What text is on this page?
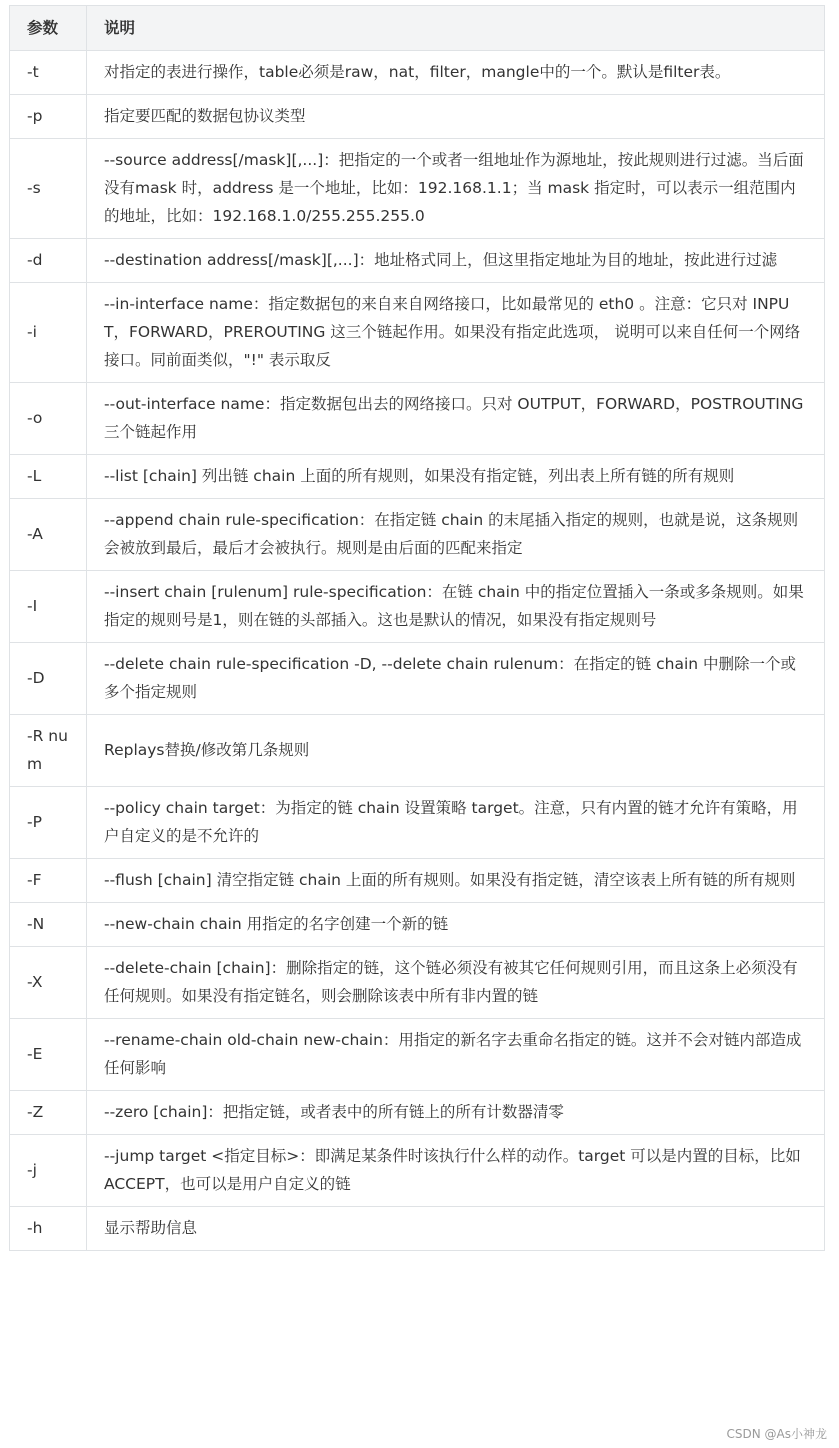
参数	说明
-t	对指定的表进行操作，table必须是raw，nat，filter，mangle中的一个。默认是filter表。
-p	指定要匹配的数据包协议类型
-s	--source address[/mask][,...]：把指定的一个或者一组地址作为源地址，按此规则进行过滤。当后面没有mask 时，address 是一个地址，比如：192.168.1.1；当 mask 指定时，可以表示一组范围内的地址，比如：192.168.1.0/255.255.255.0
-d	--destination address[/mask][,...]：地址格式同上，但这里指定地址为目的地址，按此进行过滤
-i	--in-interface name：指定数据包的来自来自网络接口，比如最常见的 eth0 。注意：它只对 INPUT，FORWARD，PREROUTING 这三个链起作用。如果没有指定此选项， 说明可以来自任何一个网络接口。同前面类似，"!" 表示取反
-o	--out-interface name：指定数据包出去的网络接口。只对 OUTPUT，FORWARD，POSTROUTING 三个链起作用
-L	--list [chain] 列出链 chain 上面的所有规则，如果没有指定链，列出表上所有链的所有规则
-A	--append chain rule-specification：在指定链 chain 的末尾插入指定的规则，也就是说，这条规则会被放到最后，最后才会被执行。规则是由后面的匹配来指定
-I	--insert chain [rulenum] rule-specification：在链 chain 中的指定位置插入一条或多条规则。如果指定的规则号是1，则在链的头部插入。这也是默认的情况，如果没有指定规则号
-D	--delete chain rule-specification -D, --delete chain rulenum：在指定的链 chain 中删除一个或多个指定规则
-R num	Replays替换/修改第几条规则
-P	--policy chain target：为指定的链 chain 设置策略 target。注意，只有内置的链才允许有策略，用户自定义的是不允许的
-F	--flush [chain] 清空指定链 chain 上面的所有规则。如果没有指定链，清空该表上所有链的所有规则
-N	--new-chain chain 用指定的名字创建一个新的链
-X	--delete-chain [chain]：删除指定的链，这个链必须没有被其它任何规则引用，而且这条上必须没有任何规则。如果没有指定链名，则会删除该表中所有非内置的链
-E	--rename-chain old-chain new-chain：用指定的新名字去重命名指定的链。这并不会对链内部造成任何影响
-Z	--zero [chain]：把指定链，或者表中的所有链上的所有计数器清零
-j	--jump target <指定目标>：即满足某条件时该执行什么样的动作。target 可以是内置的目标，比如 ACCEPT，也可以是用户自定义的链
-h	显示帮助信息
CSDN @As小神龙
